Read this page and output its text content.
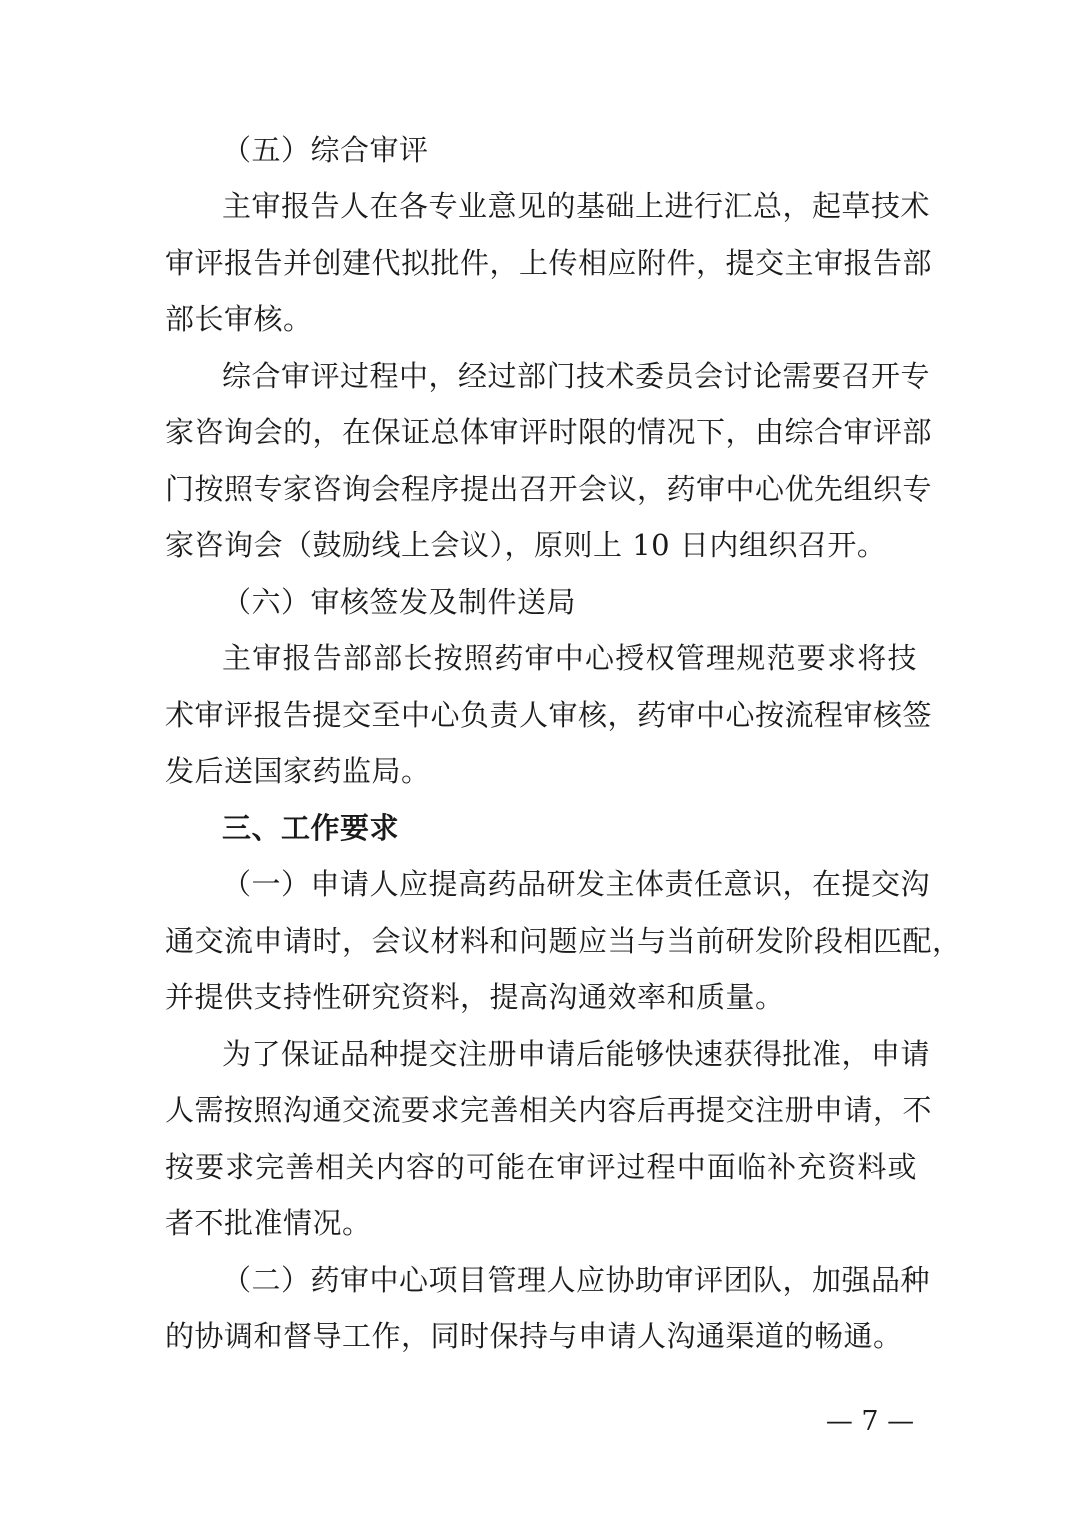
（五）综合审评
主审报告人在各专业意见的基础上进行汇总，起草技术
审评报告并创建代拟批件，上传相应附件，提交主审报告部
部长审核。
综合审评过程中，经过部门技术委员会讨论需要召开专
家咨询会的，在保证总体审评时限的情况下，由综合审评部
门按照专家咨询会程序提出召开会议，药审中心优先组织专
家咨询会（鼓励线上会议），原则上 10 日内组织召开。
（六）审核签发及制件送局
主审报告部部长按照药审中心授权管理规范要求将技
术审评报告提交至中心负责人审核，药审中心按流程审核签
发后送国家药监局。
三、工作要求
（一）申请人应提高药品研发主体责任意识，在提交沟
通交流申请时，会议材料和问题应当与当前研发阶段相匹配，
并提供支持性研究资料，提高沟通效率和质量。
为了保证品种提交注册申请后能够快速获得批准，申请
人需按照沟通交流要求完善相关内容后再提交注册申请，不
按要求完善相关内容的可能在审评过程中面临补充资料或
者不批准情况。
（二）药审中心项目管理人应协助审评团队，加强品种
的协调和督导工作，同时保持与申请人沟通渠道的畅通。
— 7 —
